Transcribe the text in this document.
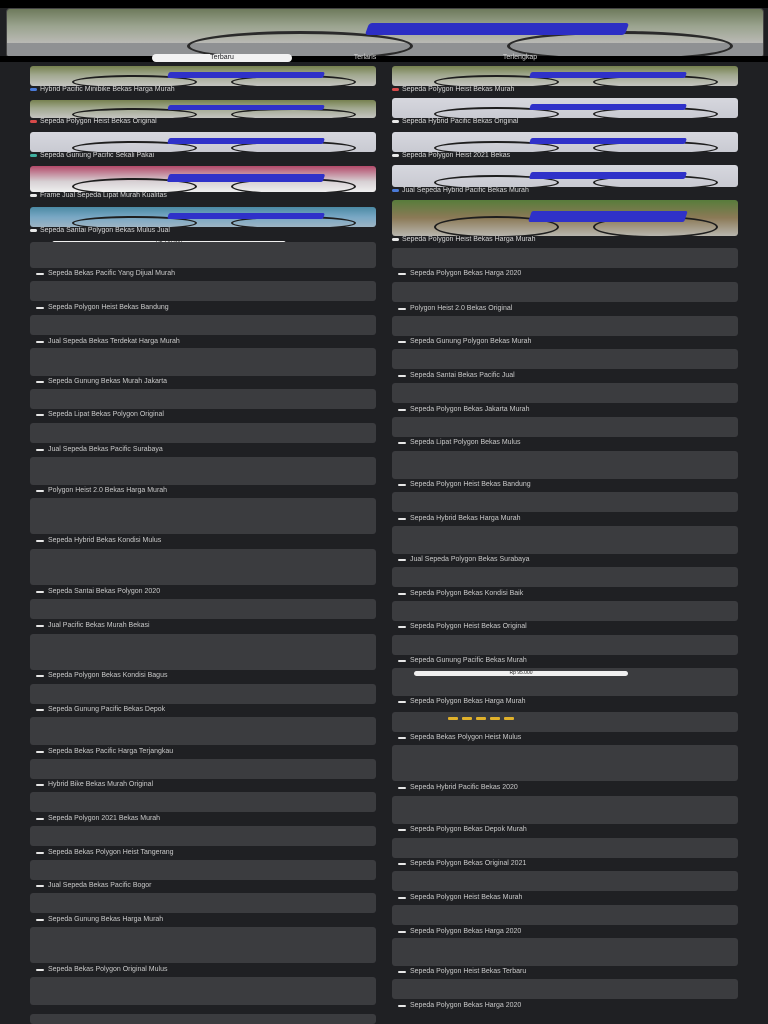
Terbaru	Terlaris	Terlengkap
Hybrid Pacific Minibike Bekas Harga Murah
Sepeda Polygon Heist Bekas Original
Sepeda Gunung Pacific Sekali Pakai
Frame Jual Sepeda Lipat Murah Kualitas
Sepeda Santai Polygon Bekas Mulus Jual
Sepeda Bekas Pacific Yang Dijual Murah
Sepeda Polygon Heist Bekas Bandung
Jual Sepeda Bekas Terdekat Harga Murah
Sepeda Gunung Bekas Murah Jakarta
Sepeda Lipat Bekas Polygon Original
Jual Sepeda Bekas Pacific Surabaya
Polygon Heist 2.0 Bekas Harga Murah
Sepeda Hybrid Bekas Kondisi Mulus
Sepeda Santai Bekas Polygon 2020
Jual Pacific Bekas Murah Bekasi
Sepeda Polygon Bekas Kondisi Bagus
Sepeda Gunung Pacific Bekas Depok
Sepeda Bekas Pacific Harga Terjangkau
Hybrid Bike Bekas Murah Original
Sepeda Polygon 2021 Bekas Murah
Sepeda Bekas Polygon Heist Tangerang
Jual Sepeda Bekas Pacific Bogor
Sepeda Gunung Bekas Harga Murah
Sepeda Bekas Polygon Original Mulus
Sepeda Polygon Heist Bekas Murah
Sepeda Hybrid Pacific Bekas Original
Sepeda Polygon Heist 2021 Bekas
Jual Sepeda Hybrid Pacific Bekas Murah
Sepeda Polygon Heist Bekas Harga Murah
Sepeda Polygon Bekas Harga 2020
Polygon Heist 2.0 Bekas Original
Sepeda Gunung Polygon Bekas Murah
Sepeda Santai Bekas Pacific Jual
Sepeda Polygon Bekas Jakarta Murah
Sepeda Lipat Polygon Bekas Mulus
Sepeda Polygon Heist Bekas Bandung
Sepeda Hybrid Bekas Harga Murah
Jual Sepeda Polygon Bekas Surabaya
Sepeda Polygon Bekas Kondisi Baik
Sepeda Polygon Heist Bekas Original
Sepeda Gunung Pacific Bekas Murah
Rp 95.000
Sepeda Polygon Bekas Harga Murah
Sepeda Bekas Polygon Heist Mulus
Sepeda Hybrid Pacific Bekas 2020
Sepeda Polygon Bekas Depok Murah
Sepeda Polygon Bekas Original 2021
Sepeda Polygon Heist Bekas Murah
Sepeda Polygon Bekas Harga 2020
Sepeda Polygon Heist Bekas Terbaru
Sepeda Polygon Bekas Harga 2020
